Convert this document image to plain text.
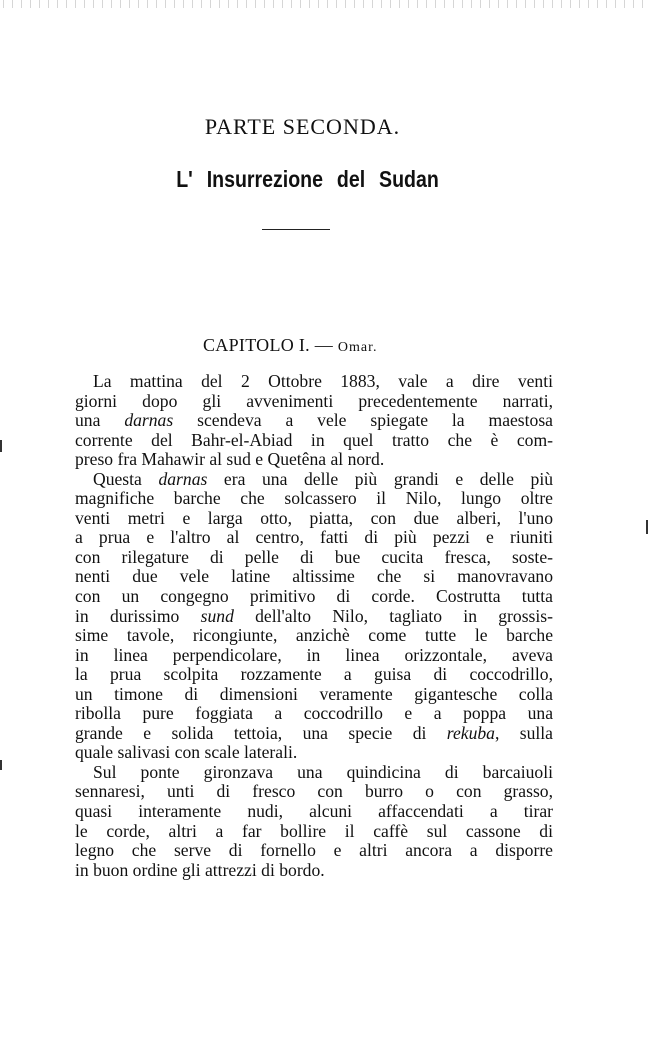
PARTE SECONDA.
L' Insurrezione del Sudan
CAPITOLO I. — Omar.
La mattina del 2 Ottobre 1883, vale a dire venti
giorni dopo gli avvenimenti precedentemente narrati,
una darnas scendeva a vele spiegate la maestosa
corrente del Bahr-el-Abiad in quel tratto che è com-
preso fra Mahawir al sud e Quetêna al nord.
Questa darnas era una delle più grandi e delle più
magnifiche barche che solcassero il Nilo, lungo oltre
venti metri e larga otto, piatta, con due alberi, l'uno
a prua e l'altro al centro, fatti di più pezzi e riuniti
con rilegature di pelle di bue cucita fresca, soste-
nenti due vele latine altissime che si manovravano
con un congegno primitivo di corde. Costrutta tutta
in durissimo sund dell'alto Nilo, tagliato in grossis-
sime tavole, ricongiunte, anzichè come tutte le barche
in linea perpendicolare, in linea orizzontale, aveva
la prua scolpita rozzamente a guisa di coccodrillo,
un timone di dimensioni veramente gigantesche colla
ribolla pure foggiata a coccodrillo e a poppa una
grande e solida tettoia, una specie di rekuba, sulla
quale salivasi con scale laterali.
Sul ponte gironzava una quindicina di barcaiuoli
sennaresi, unti di fresco con burro o con grasso,
quasi interamente nudi, alcuni affaccendati a tirar
le corde, altri a far bollire il caffè sul cassone di
legno che serve di fornello e altri ancora a disporre
in buon ordine gli attrezzi di bordo.
